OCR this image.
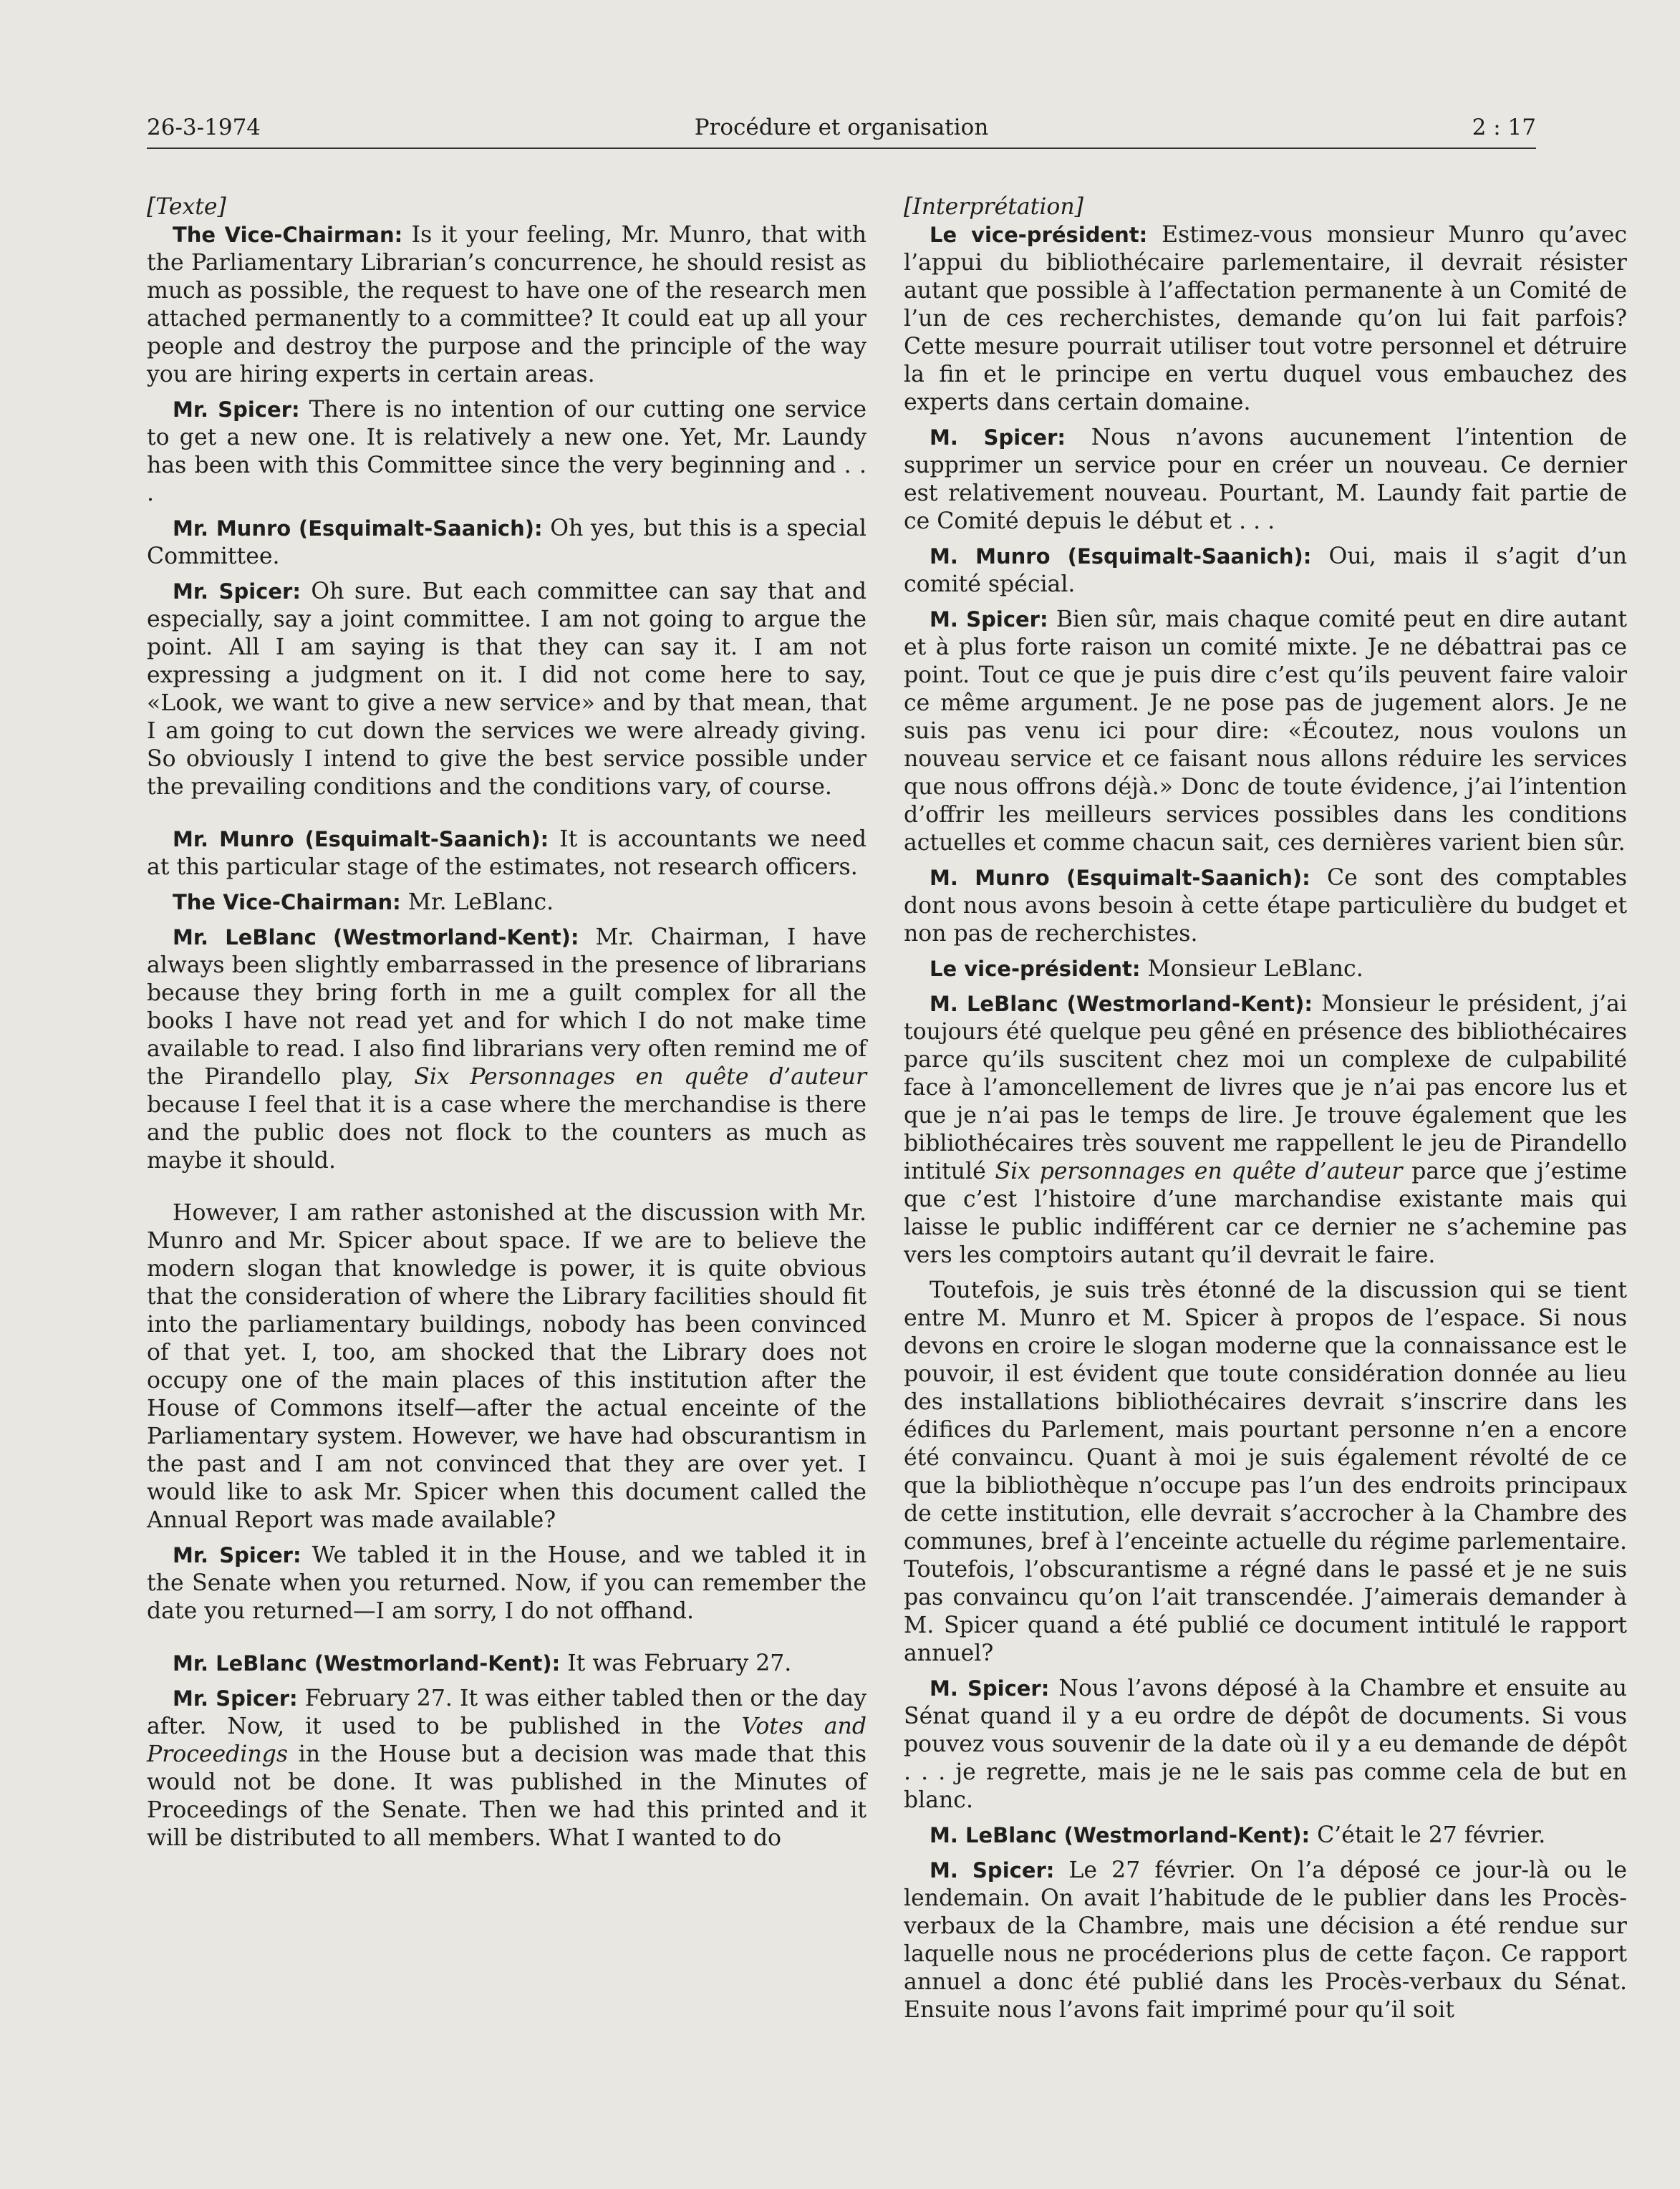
26-3-1974	Procédure et organisation	2 : 17

[Texte]

The Vice-Chairman: Is it your feeling, Mr. Munro, that with the Parliamentary Librarian’s concurrence, he should resist as much as possible, the request to have one of the research men attached permanently to a committee? It could eat up all your people and destroy the purpose and the principle of the way you are hiring experts in certain areas.

Mr. Spicer: There is no intention of our cutting one service to get a new one. It is relatively a new one. Yet, Mr. Laundy has been with this Committee since the very beginning and . . .

Mr. Munro (Esquimalt-Saanich): Oh yes, but this is a special Committee.

Mr. Spicer: Oh sure. But each committee can say that and especially, say a joint committee. I am not going to argue the point. All I am saying is that they can say it. I am not expressing a judgment on it. I did not come here to say, «Look, we want to give a new service» and by that mean, that I am going to cut down the services we were already giving. So obviously I intend to give the best service possible under the prevailing conditions and the conditions vary, of course.

Mr. Munro (Esquimalt-Saanich): It is accountants we need at this particular stage of the estimates, not research officers.

The Vice-Chairman: Mr. LeBlanc.

Mr. LeBlanc (Westmorland-Kent): Mr. Chairman, I have always been slightly embarrassed in the presence of librarians because they bring forth in me a guilt complex for all the books I have not read yet and for which I do not make time available to read. I also find librarians very often remind me of the Pirandello play, Six Personnages en quête d’auteur because I feel that it is a case where the merchandise is there and the public does not flock to the counters as much as maybe it should.

However, I am rather astonished at the discussion with Mr. Munro and Mr. Spicer about space. If we are to believe the modern slogan that knowledge is power, it is quite obvious that the consideration of where the Library facilities should fit into the parliamentary buildings, nobody has been convinced of that yet. I, too, am shocked that the Library does not occupy one of the main places of this institution after the House of Commons itself—after the actual enceinte of the Parliamentary system. However, we have had obscurantism in the past and I am not convinced that they are over yet. I would like to ask Mr. Spicer when this document called the Annual Report was made available?

Mr. Spicer: We tabled it in the House, and we tabled it in the Senate when you returned. Now, if you can remember the date you returned—I am sorry, I do not offhand.

Mr. LeBlanc (Westmorland-Kent): It was February 27.

Mr. Spicer: February 27. It was either tabled then or the day after. Now, it used to be published in the Votes and Proceedings in the House but a decision was made that this would not be done. It was published in the Minutes of Proceedings of the Senate. Then we had this printed and it will be distributed to all members. What I wanted to do

[Interprétation]

Le vice-président: Estimez-vous monsieur Munro qu’avec l’appui du bibliothécaire parlementaire, il devrait résister autant que possible à l’affectation permanente à un Comité de l’un de ces recherchistes, demande qu’on lui fait parfois? Cette mesure pourrait utiliser tout votre personnel et détruire la fin et le principe en vertu duquel vous embauchez des experts dans certain domaine.

M. Spicer: Nous n’avons aucunement l’intention de supprimer un service pour en créer un nouveau. Ce dernier est relativement nouveau. Pourtant, M. Laundy fait partie de ce Comité depuis le début et . . .

M. Munro (Esquimalt-Saanich): Oui, mais il s’agit d’un comité spécial.

M. Spicer: Bien sûr, mais chaque comité peut en dire autant et à plus forte raison un comité mixte. Je ne débattrai pas ce point. Tout ce que je puis dire c’est qu’ils peuvent faire valoir ce même argument. Je ne pose pas de jugement alors. Je ne suis pas venu ici pour dire: «Écoutez, nous voulons un nouveau service et ce faisant nous allons réduire les services que nous offrons déjà.» Donc de toute évidence, j’ai l’intention d’offrir les meilleurs services possibles dans les conditions actuelles et comme chacun sait, ces dernières varient bien sûr.

M. Munro (Esquimalt-Saanich): Ce sont des comptables dont nous avons besoin à cette étape particulière du budget et non pas de recherchistes.

Le vice-président: Monsieur LeBlanc.

M. LeBlanc (Westmorland-Kent): Monsieur le président, j’ai toujours été quelque peu gêné en présence des bibliothécaires parce qu’ils suscitent chez moi un complexe de culpabilité face à l’amoncellement de livres que je n’ai pas encore lus et que je n’ai pas le temps de lire. Je trouve également que les bibliothécaires très souvent me rappellent le jeu de Pirandello intitulé Six personnages en quête d’auteur parce que j’estime que c’est l’histoire d’une marchandise existante mais qui laisse le public indifférent car ce dernier ne s’achemine pas vers les comptoirs autant qu’il devrait le faire.

Toutefois, je suis très étonné de la discussion qui se tient entre M. Munro et M. Spicer à propos de l’espace. Si nous devons en croire le slogan moderne que la connaissance est le pouvoir, il est évident que toute considération donnée au lieu des installations bibliothécaires devrait s’inscrire dans les édifices du Parlement, mais pourtant personne n’en a encore été convaincu. Quant à moi je suis également révolté de ce que la bibliothèque n’occupe pas l’un des endroits principaux de cette institution, elle devrait s’accrocher à la Chambre des communes, bref à l’enceinte actuelle du régime parlementaire. Toutefois, l’obscurantisme a régné dans le passé et je ne suis pas convaincu qu’on l’ait transcendée. J’aimerais demander à M. Spicer quand a été publié ce document intitulé le rapport annuel?

M. Spicer: Nous l’avons déposé à la Chambre et ensuite au Sénat quand il y a eu ordre de dépôt de documents. Si vous pouvez vous souvenir de la date où il y a eu demande de dépôt . . . je regrette, mais je ne le sais pas comme cela de but en blanc.

M. LeBlanc (Westmorland-Kent): C’était le 27 février.

M. Spicer: Le 27 février. On l’a déposé ce jour-là ou le lendemain. On avait l’habitude de le publier dans les Procès-verbaux de la Chambre, mais une décision a été rendue sur laquelle nous ne procéderions plus de cette façon. Ce rapport annuel a donc été publié dans les Procès-verbaux du Sénat. Ensuite nous l’avons fait imprimé pour qu’il soit
